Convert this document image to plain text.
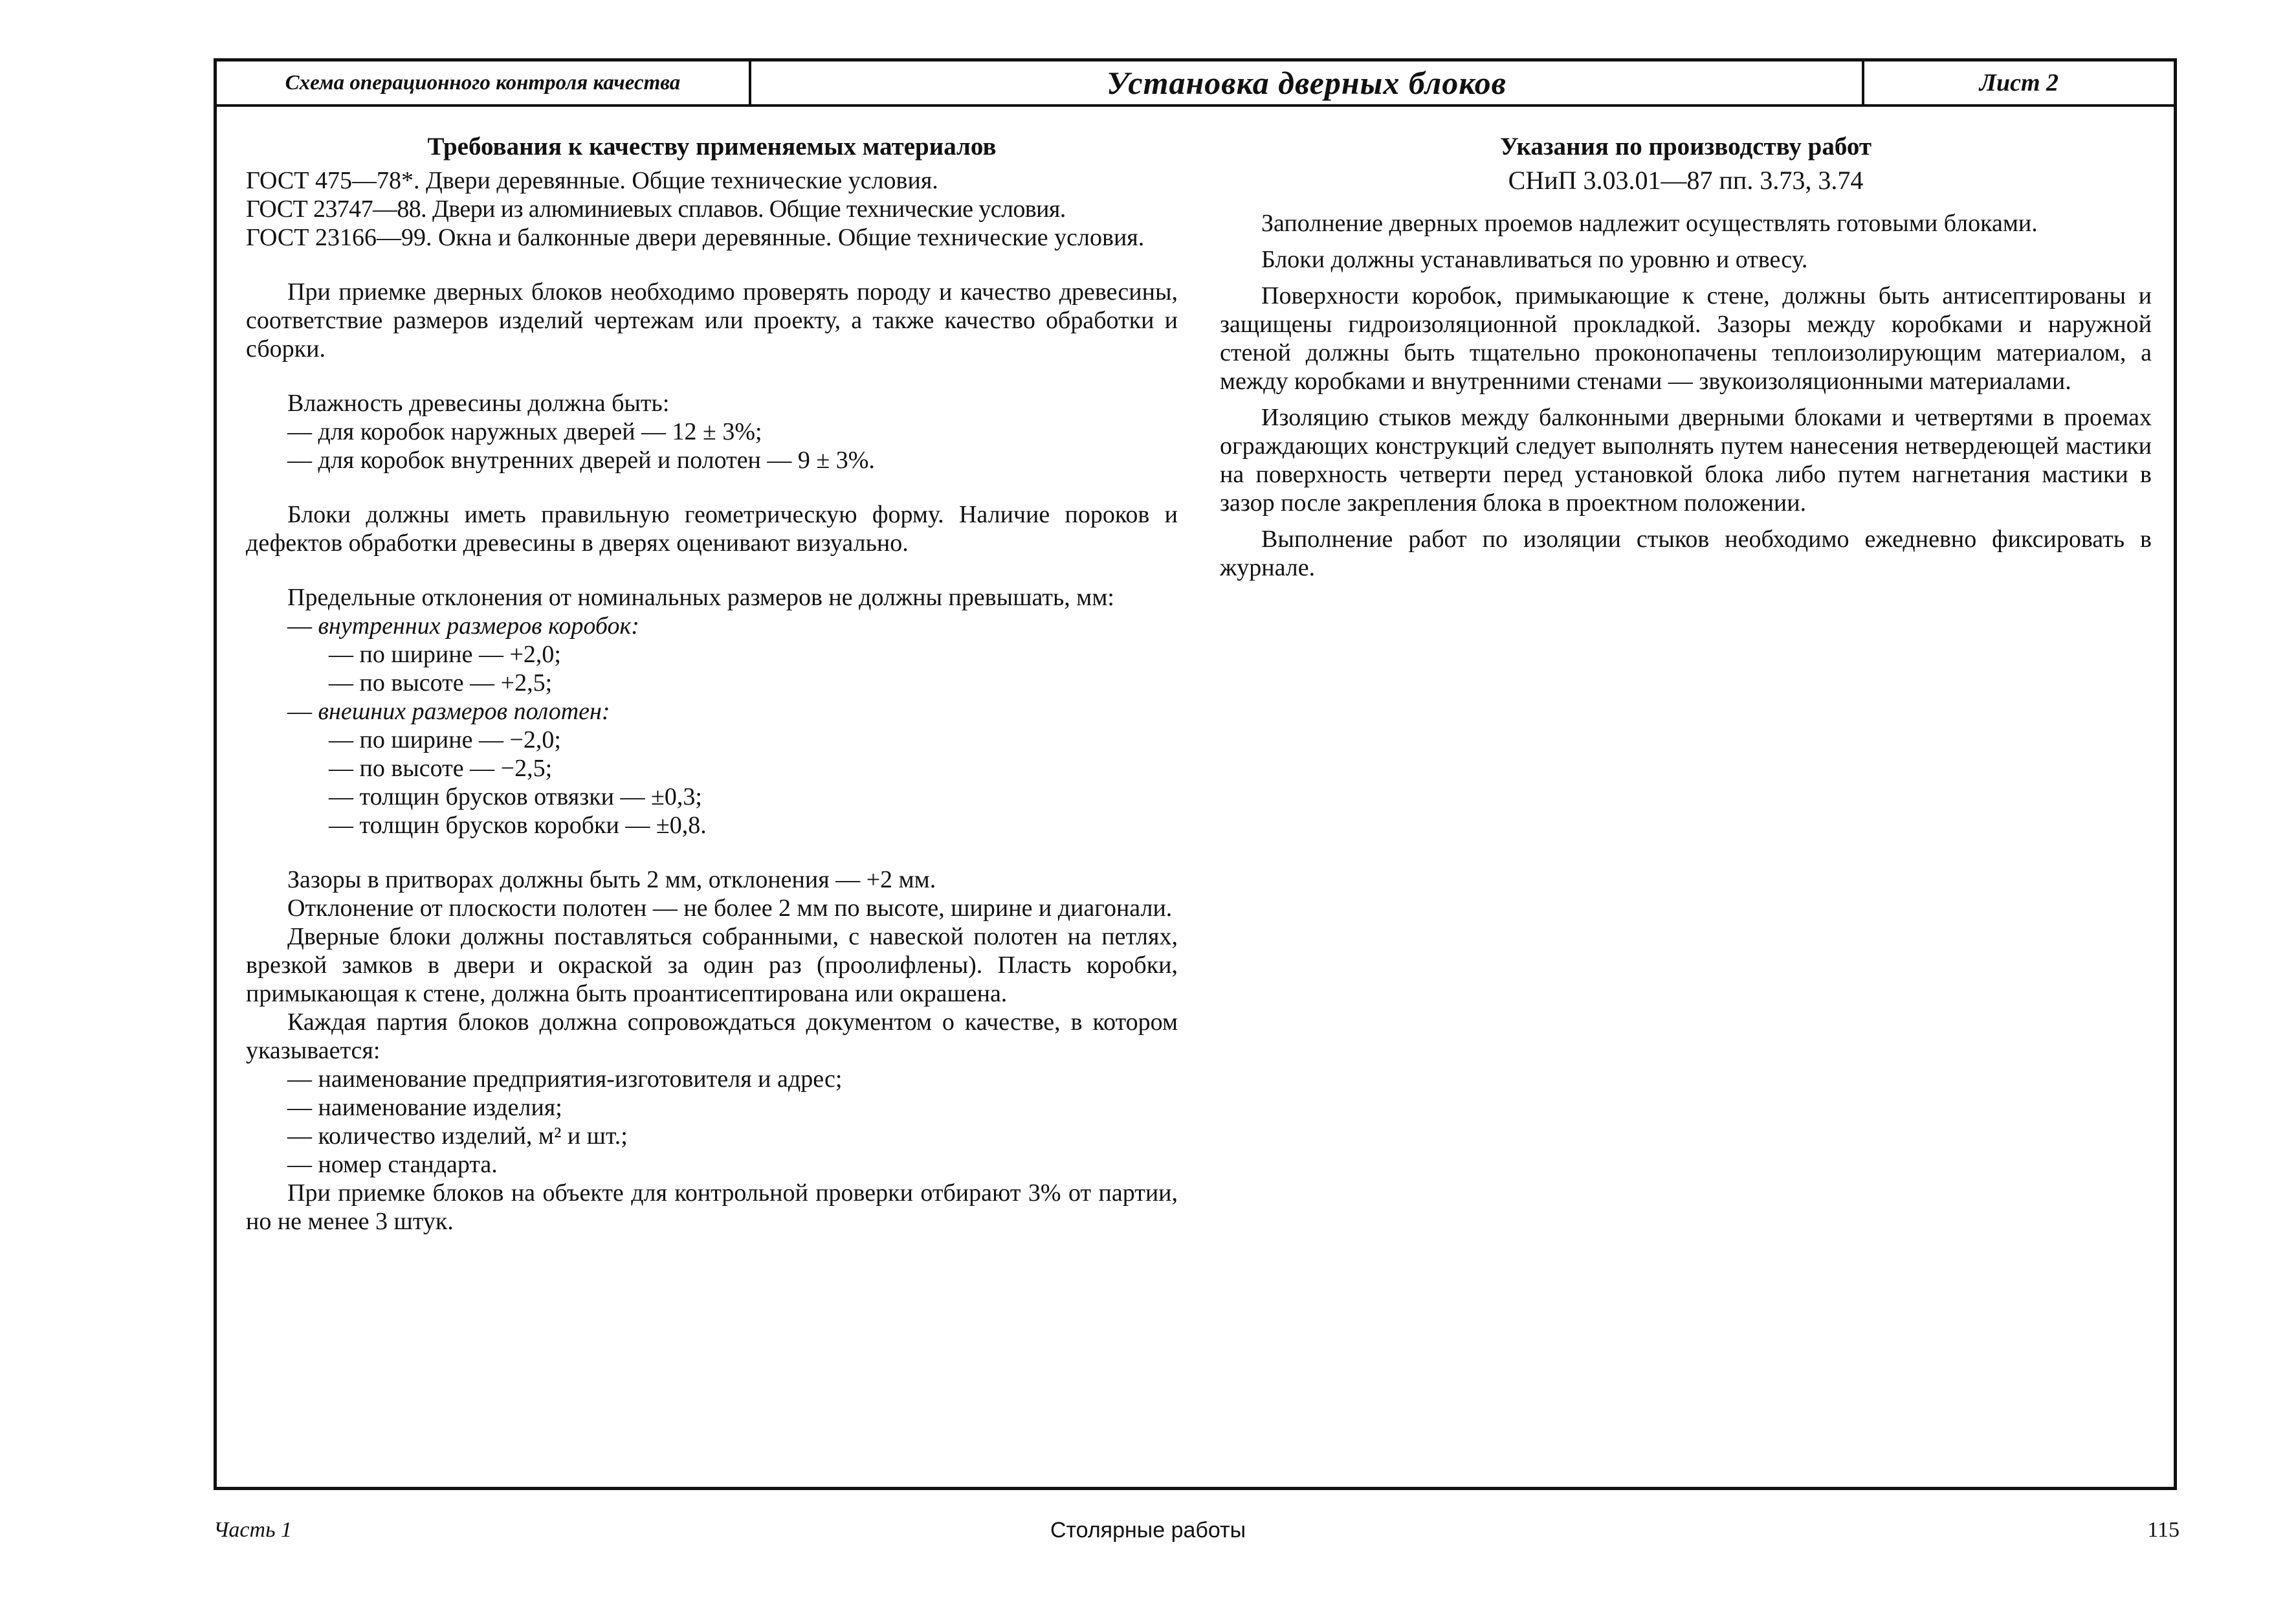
Схема операционного контроля качества	Установка дверных блоков	Лист 2

Требования к качеству применяемых материалов

ГОСТ 475—78*. Двери деревянные. Общие технические условия.

ГОСТ 23747—88. Двери из алюминиевых сплавов. Общие технические условия.

ГОСТ 23166—99. Окна и балконные двери деревянные. Общие технические условия.

При приемке дверных блоков необходимо проверять породу и качество древесины, соответствие размеров изделий чертежам или проекту, а также качество обработки и сборки.

Влажность древесины должна быть:

— для коробок наружных дверей — 12 ± 3%;

— для коробок внутренних дверей и полотен — 9 ± 3%.

Блоки должны иметь правильную геометрическую форму. Наличие пороков и дефектов обработки древесины в дверях оценивают визуально.

Предельные отклонения от номинальных размеров не должны превышать, мм:

— внутренних размеров коробок:

— по ширине — +2,0;

— по высоте — +2,5;

— внешних размеров полотен:

— по ширине — −2,0;

— по высоте — −2,5;

— толщин брусков отвязки — ±0,3;

— толщин брусков коробки — ±0,8.

Зазоры в притворах должны быть 2 мм, отклонения — +2 мм.

Отклонение от плоскости полотен — не более 2 мм по высоте, ширине и диагонали.

Дверные блоки должны поставляться собранными, с навеской полотен на петлях, врезкой замков в двери и окраской за один раз (проолифлены). Пласть коробки, примыкающая к стене, должна быть проантисептирована или окрашена.

Каждая партия блоков должна сопровождаться документом о качестве, в котором указывается:

— наименование предприятия-изготовителя и адрес;

— наименование изделия;

— количество изделий, м² и шт.;

— номер стандарта.

При приемке блоков на объекте для контрольной проверки отбирают 3% от партии, но не менее 3 штук.

Указания по производству работ

СНиП 3.03.01—87 пп. 3.73, 3.74

Заполнение дверных проемов надлежит осуществлять готовыми блоками.

Блоки должны устанавливаться по уровню и отвесу.

Поверхности коробок, примыкающие к стене, должны быть антисептированы и защищены гидроизоляционной прокладкой. Зазоры между коробками и наружной стеной должны быть тщательно проконопачены теплоизолирующим материалом, а между коробками и внутренними стенами — звукоизоляционными материалами.

Изоляцию стыков между балконными дверными блоками и четвертями в проемах ограждающих конструкций следует выполнять путем нанесения нетвердеющей мастики на поверхность четверти перед установкой блока либо путем нагнетания мастики в зазор после закрепления блока в проектном положении.

Выполнение работ по изоляции стыков необходимо ежедневно фиксировать в журнале.

Столярные работы
Часть 1	115
